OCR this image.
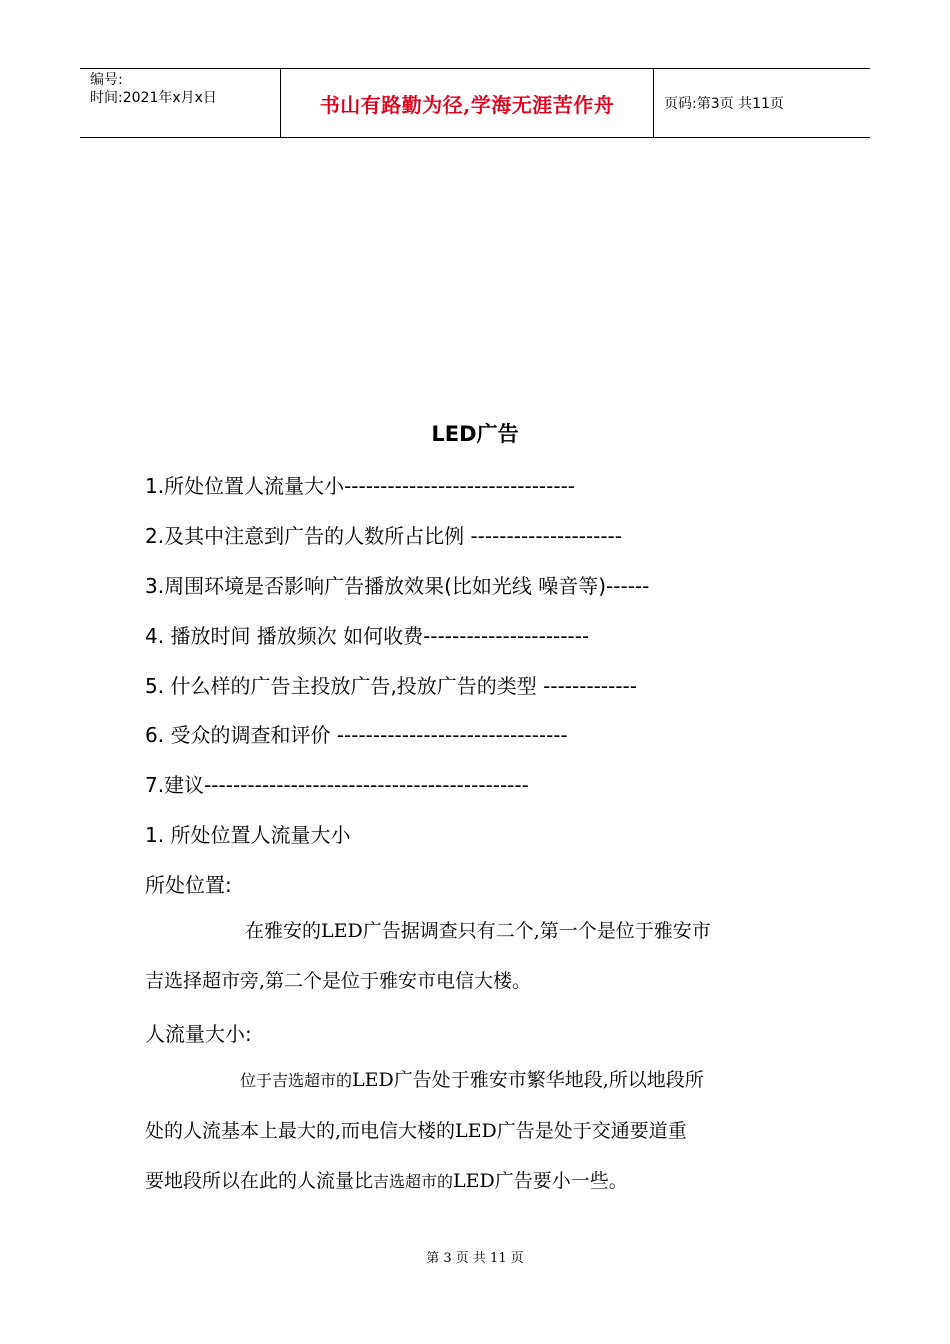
编号:
时间:2021年x月x日	书山有路勤为径,学海无涯苦作舟	页码:第3页 共11页
LED广告
1.所处位置人流量大小--------------------------------
2.及其中注意到广告的人数所占比例 ---------------------
3.周围环境是否影响广告播放效果(比如光线 噪音等)------
4. 播放时间 播放频次 如何收费-----------------------
5. 什么样的广告主投放广告,投放广告的类型 -------------
6. 受众的调查和评价 --------------------------------
7.建议---------------------------------------------
1. 所处位置人流量大小
所处位置:
在雅安的LED广告据调查只有二个,第一个是位于雅安市
吉选择超市旁,第二个是位于雅安市电信大楼。
人流量大小:
位于吉选超市的LED广告处于雅安市繁华地段,所以地段所
处的人流基本上最大的,而电信大楼的LED广告是处于交通要道重
要地段所以在此的人流量比吉选超市的LED广告要小一些。
第 3 页 共 11 页
